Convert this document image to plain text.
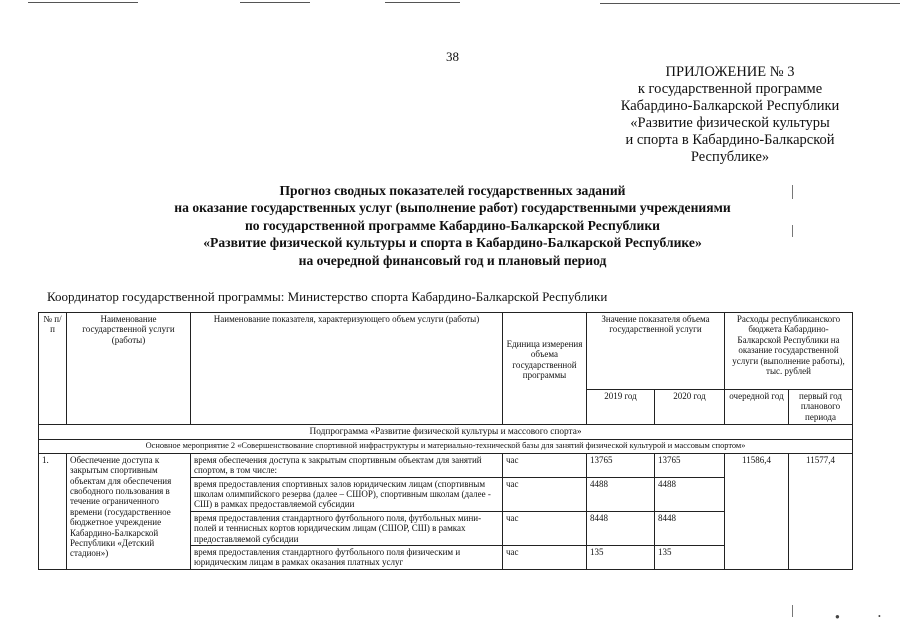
38
ПРИЛОЖЕНИЕ № 3
к государственной программе
Кабардино-Балкарской Республики
«Развитие физической культуры
и спорта в Кабардино-Балкарской
Республике»
Прогноз сводных показателей государственных заданий
на оказание государственных услуг (выполнение работ) государственными учреждениями
по государственной программе Кабардино-Балкарской Республики
«Развитие физической культуры и спорта в Кабардино-Балкарской Республике»
на очередной финансовый год и плановый период
Координатор государственной программы: Министерство спорта Кабардино-Балкарской Республики
№ п/п	Наименование государственной услуги (работы)	Наименование показателя, характеризующего объем услуги (работы)	Единица измерения объема государственной программы	Значение показателя объема государственной услуги		Расходы республиканского бюджета Кабардино-Балкарской Республики на оказание государственной услуги (выполнение работы), тыс. рублей	
				2019 год	2020 год	очередной год	первый год планового периода
Подпрограмма «Развитие физической культуры и массового спорта»							
Основное мероприятие 2 «Совершенствование спортивной инфраструктуры и материально-технической базы для занятий физической культурой и массовым спортом»							
1.	Обеспечение доступа к закрытым спортивным объектам для обеспечения свободного пользования в течение ограниченного времени (государственное бюджетное учреждение Кабардино-Балкарской Республики «Детский стадион»)	время обеспечения доступа к закрытым спортивным объектам для занятий спортом, в том числе:	час	13765	13765	11586,4	11577,4
		время предоставления спортивных залов юридическим лицам (спортивным школам олимпийского резерва (далее – СШОР), спортивным школам (далее - СШ) в рамках предоставляемой субсидии	час	4488	4488		
		время предоставления стандартного футбольного поля, футбольных мини-полей и теннисных кортов юридическим лицам (СШОР, СШ) в рамках предоставляемой субсидии	час	8448	8448		
		время предоставления стандартного футбольного поля физическим и юридическим лицам в рамках оказания платных услуг	час	135	135		
●	•
